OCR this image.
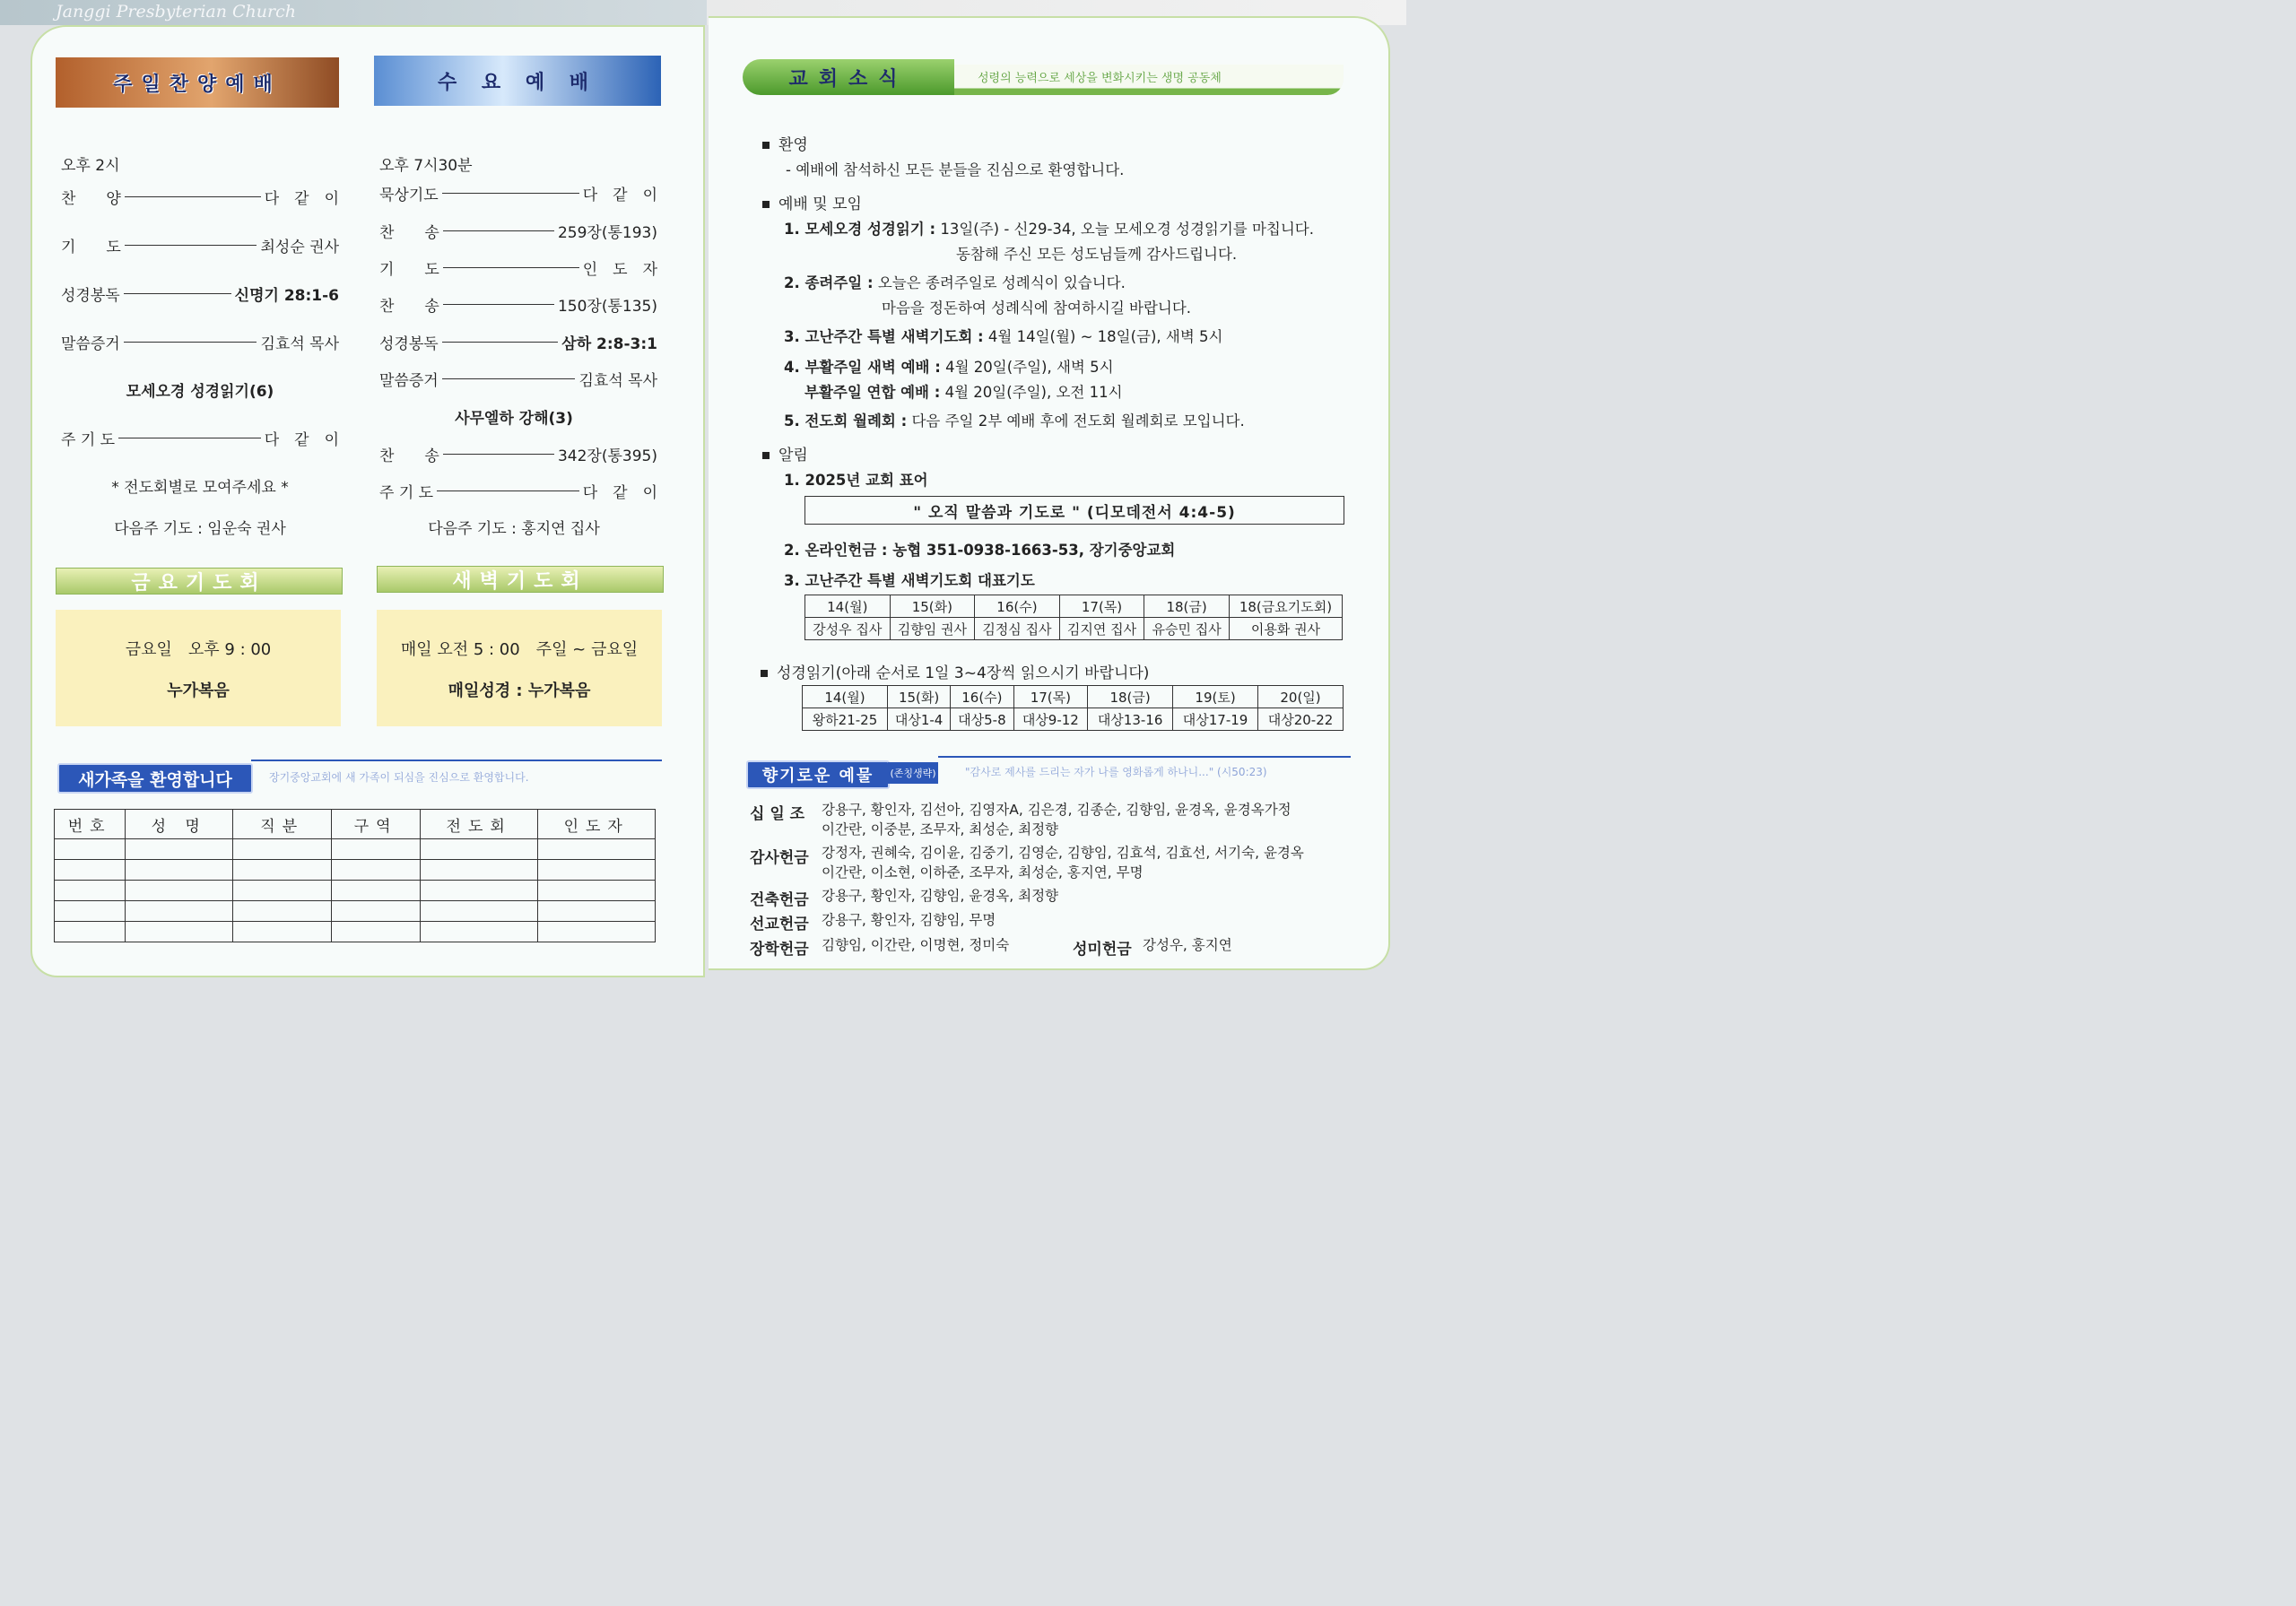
Janggi Presbyterian Church
주일찬양예배
오후 2시
찬　　양	다　같　이
기　　도	최성순 권사
성경봉독	신명기 28:1-6
말씀증거	김효석 목사
모세오경 성경읽기(6)
주 기 도	다　같　이
* 전도회별로 모여주세요 *
다음주 기도 : 임운숙 권사
수 요 예 배
오후 7시30분
묵상기도	다　같　이
찬　　송	259장(통193)
기　　도	인　도　자
찬　　송	150장(통135)
성경봉독	삼하 2:8-3:1
말씀증거	김효석 목사
사무엘하 강해(3)
찬　　송	342장(통395)
주 기 도	다　같　이
다음주 기도 : 홍지연 집사
금요기도회
금요일　오후 9 : 00
누가복음
새벽기도회
매일 오전 5 : 00　주일 ~ 금요일
매일성경 : 누가복음
새가족을 환영합니다	장기중앙교회에 새 가족이 되심을 진심으로 환영합니다.
번호	성 명	직분	구역	전도회	인도자

교회소식	성령의 능력으로 세상을 변화시키는 생명 공동체
환영
- 예배에 참석하신 모든 분들을 진심으로 환영합니다.
예배 및 모임
1. 모세오경 성경읽기 : 13일(주) - 신29-34, 오늘 모세오경 성경읽기를 마칩니다.
동참해 주신 모든 성도님들께 감사드립니다.
2. 종려주일 : 오늘은 종려주일로 성례식이 있습니다.
마음을 정돈하여 성례식에 참여하시길 바랍니다.
3. 고난주간 특별 새벽기도회 : 4월 14일(월) ~ 18일(금), 새벽 5시
4. 부활주일 새벽 예배 : 4월 20일(주일), 새벽 5시
부활주일 연합 예배 : 4월 20일(주일), 오전 11시
5. 전도회 월례회 : 다음 주일 2부 예배 후에 전도회 월례회로 모입니다.
알림
1. 2025년 교회 표어
" 오직 말씀과 기도로 " (디모데전서 4:4-5)
2. 온라인헌금 : 농협 351-0938-1663-53, 장기중앙교회
3. 고난주간 특별 새벽기도회 대표기도
14(월)	15(화)	16(수)	17(목)	18(금)	18(금요기도회)
강성우 집사	김향임 권사	김정심 집사	김지연 집사	유승민 집사	이용화 권사
성경읽기(아래 순서로 1일 3~4장씩 읽으시기 바랍니다)
14(월)	15(화)	16(수)	17(목)	18(금)	19(토)	20(일)
왕하21-25	대상1-4	대상5-8	대상9-12	대상13-16	대상17-19	대상20-22
향기로운 예물	(존칭생략)	"감사로 제사를 드리는 자가 나를 영화롭게 하나니..." (시50:23)
십 일 조 강용구, 황인자, 김선아, 김영자A, 김은경, 김종순, 김향임, 윤경옥, 윤경옥가정
이간란, 이중분, 조무자, 최성순, 최정향
감사헌금 강정자, 권혜숙, 김이윤, 김중기, 김영순, 김향임, 김효석, 김효선, 서기숙, 윤경옥
이간란, 이소현, 이하준, 조무자, 최성순, 홍지연, 무명
건축헌금 강용구, 황인자, 김향임, 윤경옥, 최정향
선교헌금 강용구, 황인자, 김향임, 무명
장학헌금 김향임, 이간란, 이명현, 정미숙	성미헌금 강성우, 홍지연
